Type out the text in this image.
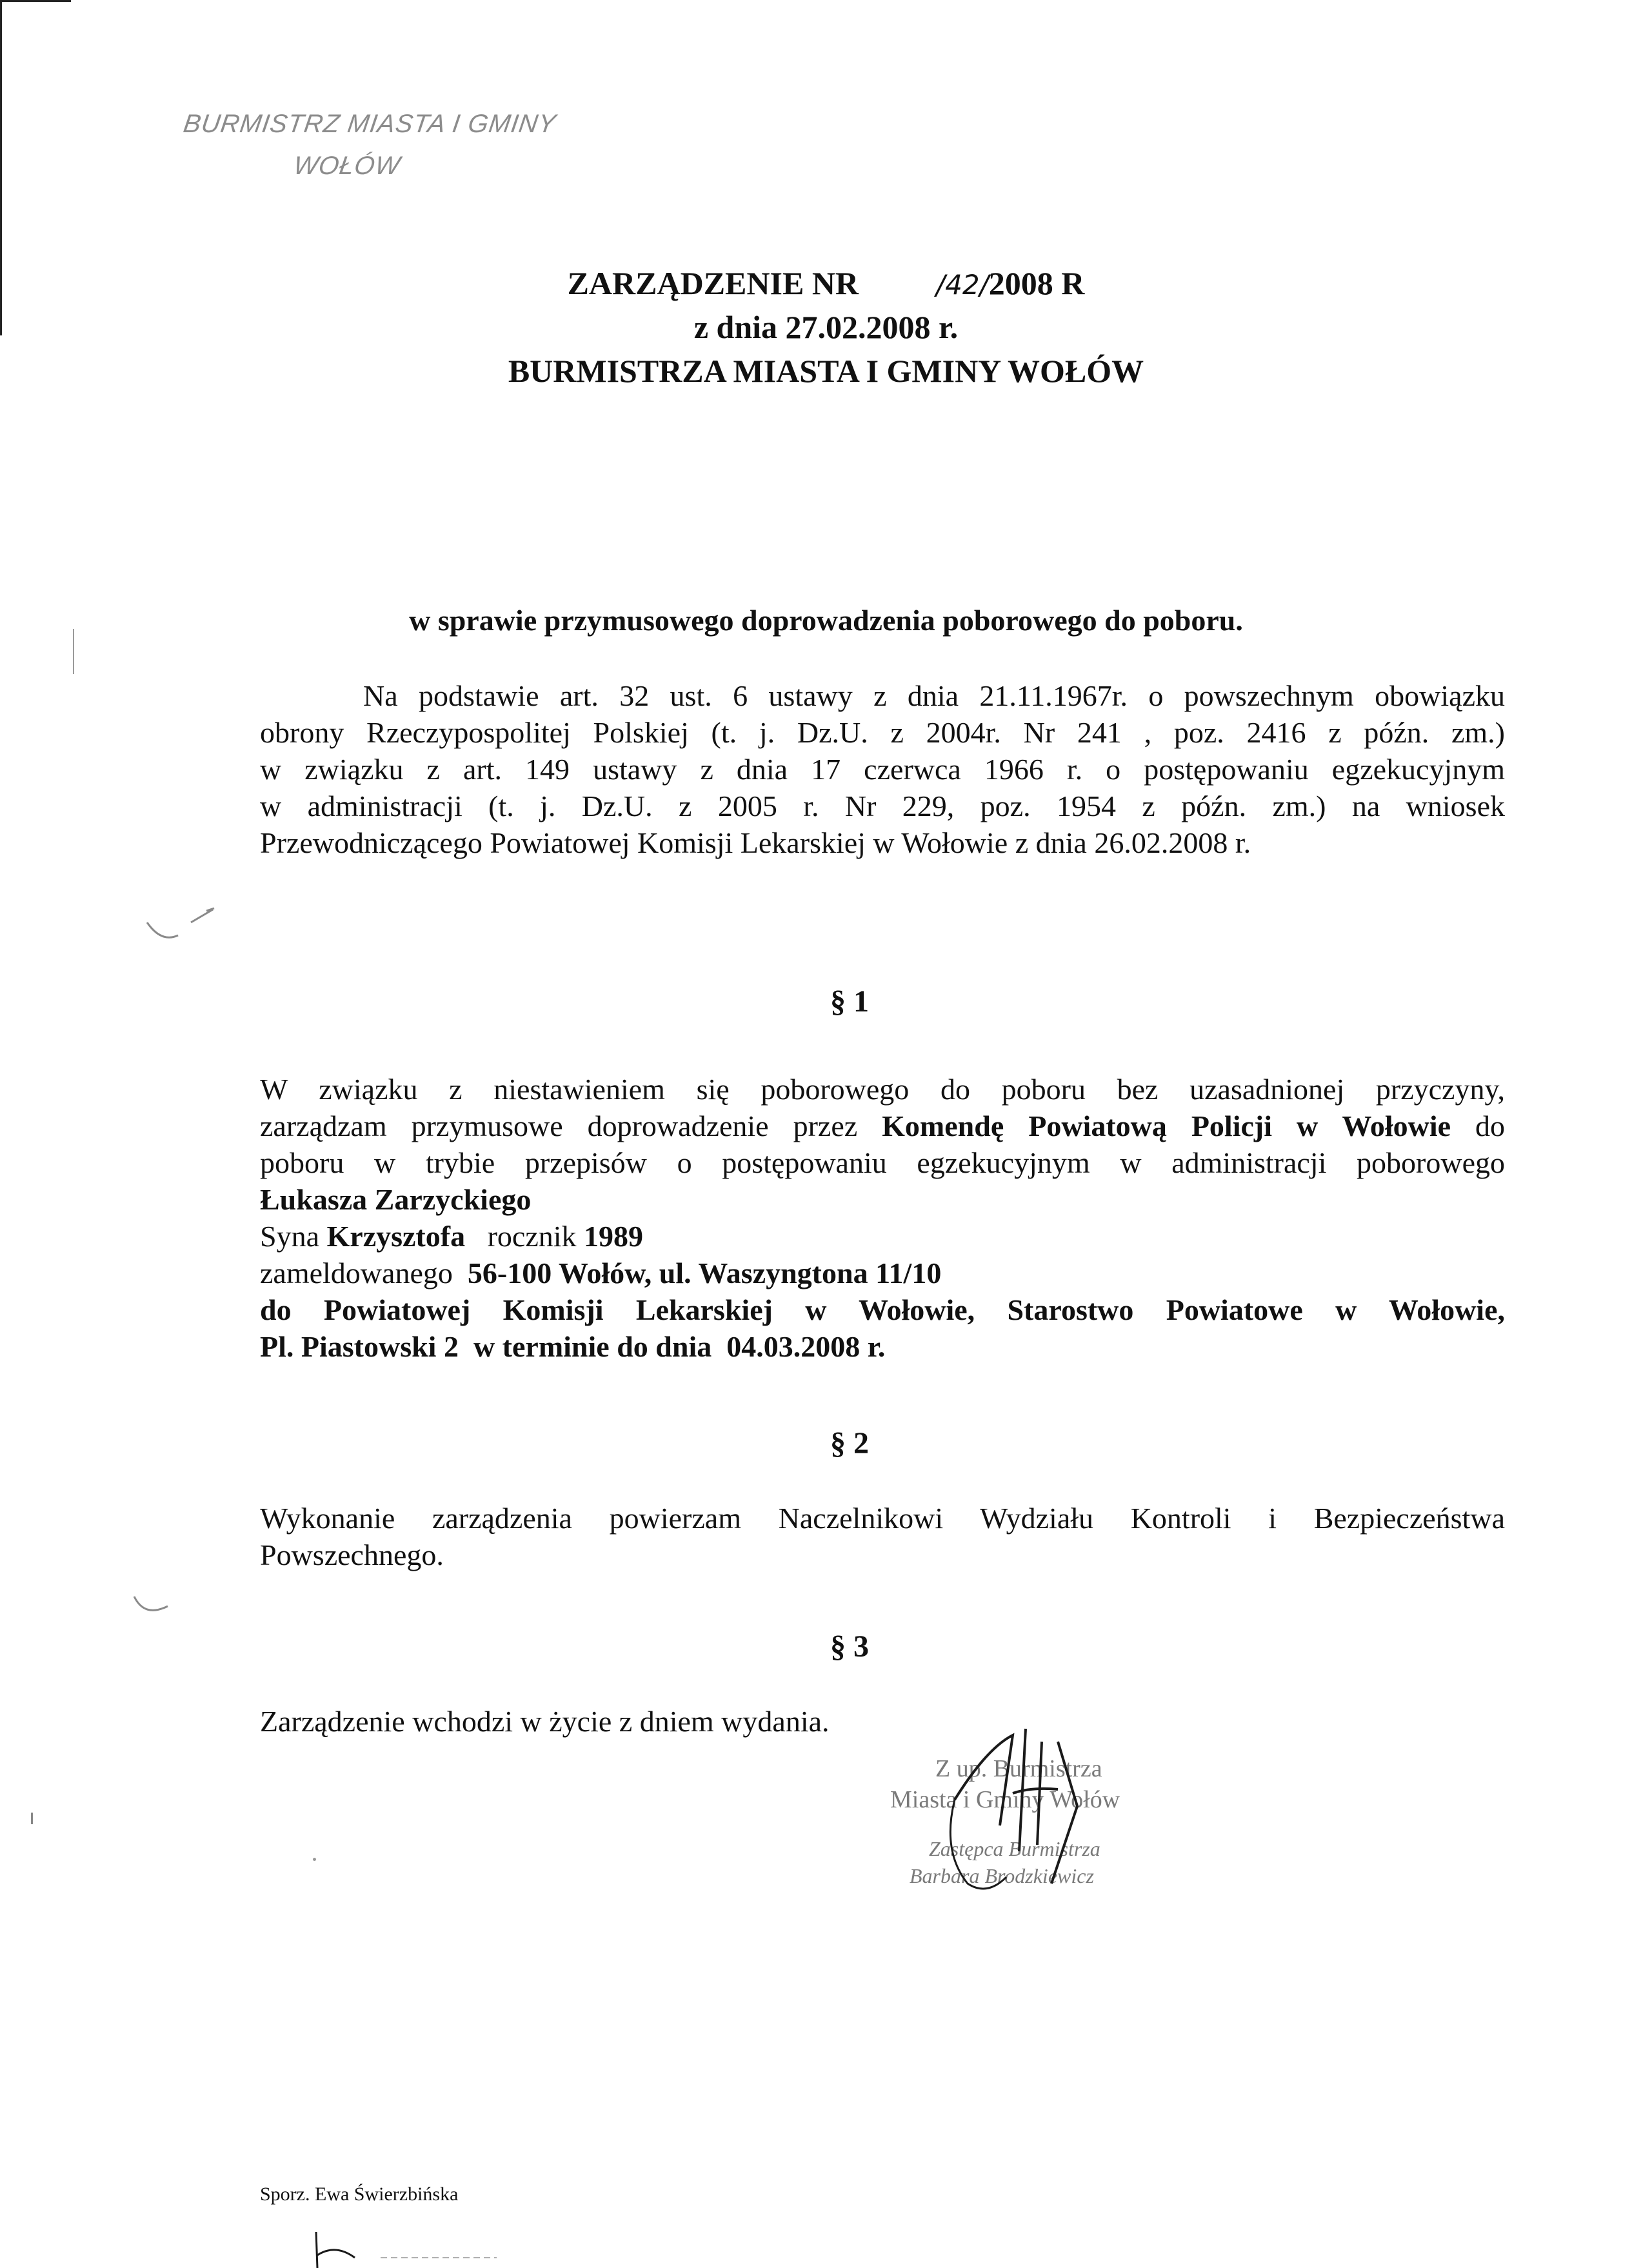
BURMISTRZ MIASTA I GMINY
WOŁÓW
ZARZĄDZENIE NR	/42/2008 R
z dnia 27.02.2008 r.
BURMISTRZA MIASTA I GMINY WOŁÓW
w sprawie przymusowego doprowadzenia poborowego do poboru.
Na podstawie art. 32 ust. 6 ustawy z dnia 21.11.1967r. o powszechnym obowiązku
obrony Rzeczypospolitej Polskiej (t. j. Dz.U. z 2004r. Nr 241 , poz. 2416 z późn. zm.)
w związku z art. 149 ustawy z dnia 17 czerwca 1966 r. o postępowaniu egzekucyjnym
w administracji (t. j. Dz.U. z 2005 r. Nr 229, poz. 1954 z późn. zm.) na wniosek
Przewodniczącego Powiatowej Komisji Lekarskiej w Wołowie z dnia 26.02.2008 r.
§ 1
W związku z niestawieniem się poborowego do poboru bez uzasadnionej przyczyny,
zarządzam przymusowe doprowadzenie przez Komendę Powiatową Policji w Wołowie do
poboru w trybie przepisów o postępowaniu egzekucyjnym w administracji poborowego
Łukasza Zarzyckiego
Syna Krzysztofa   rocznik 1989
zameldowanego  56-100 Wołów, ul. Waszyngtona 11/10
do Powiatowej Komisji Lekarskiej w Wołowie, Starostwo Powiatowe w Wołowie,
Pl. Piastowski 2  w terminie do dnia  04.03.2008 r.
§ 2
Wykonanie zarządzenia powierzam Naczelnikowi Wydziału Kontroli i Bezpieczeństwa
Powszechnego.
§ 3
Zarządzenie wchodzi w życie z dniem wydania.
Z up. Burmistrza
Miasta i Gminy Wołów
Zastępca Burmistrza
Barbara Brodzkiewicz
Sporz. Ewa Świerzbińska
